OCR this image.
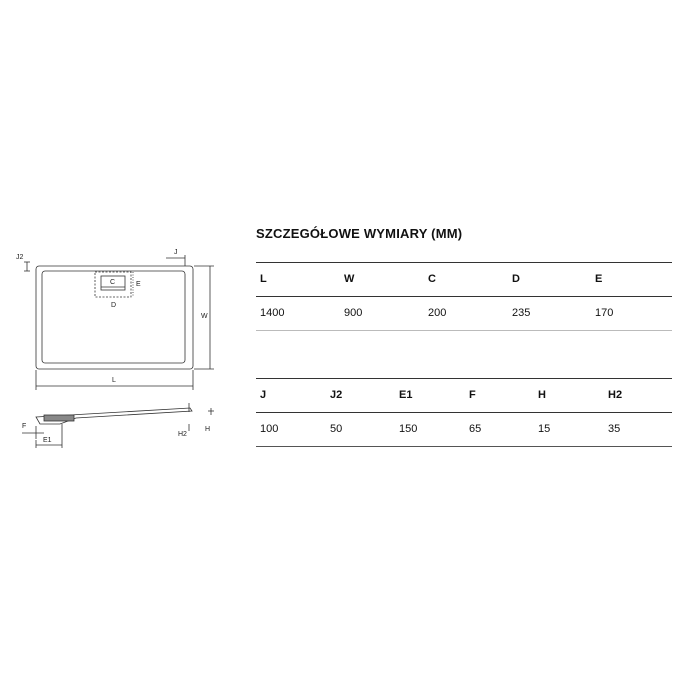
J2
J
C	E
D
W
L
F
E1
H2
H
SZCZEGÓŁOWE WYMIARY (MM)
L	W	C	D	E
1400	900	200	235	170
J	J2	E1	F	H	H2
100	50	150	65	15	35
